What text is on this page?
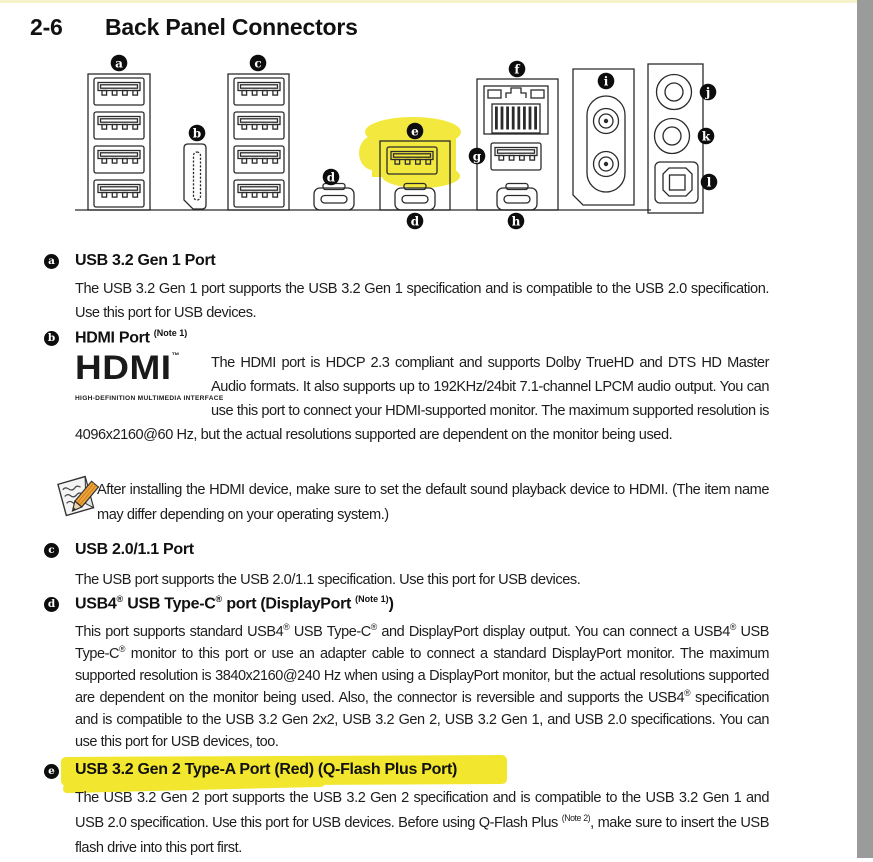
2-6	Back Panel Connectors
a
b
c
d
e
d
f
g
h
i
j
k
l
a USB 3.2 Gen 1 Port
The USB 3.2 Gen 1 port supports the USB 3.2 Gen 1 specification and is compatible to the USB 2.0 specification. Use this port for USB devices.
b HDMI Port $^{(Note 1)}$
HDMI ™
HIGH-DEFINITION MULTIMEDIA INTERFACE
The HDMI port is HDCP 2.3 compliant and supports Dolby TrueHD and DTS HD Master Audio formats. It also supports up to 192KHz/24bit 7.1-channel LPCM audio output. You can use this port to connect your HDMI-supported monitor. The maximum supported resolution is 4096x2160@60 Hz, but the actual resolutions supported are dependent on the monitor being used.
After installing the HDMI device, make sure to set the default sound playback device to HDMI. (The item name may differ depending on your operating system.)
c USB 2.0/1.1 Port
The USB port supports the USB 2.0/1.1 specification. Use this port for USB devices.
d USB4® USB Type-C® port (DisplayPort $^{(Note 1)}$)
This port supports standard USB4® USB Type-C® and DisplayPort display output. You can connect a USB4® USB Type-C® monitor to this port or use an adapter cable to connect a standard DisplayPort monitor. The maximum supported resolution is 3840x2160@240 Hz when using a DisplayPort monitor, but the actual resolutions supported are dependent on the monitor being used. Also, the connector is reversible and supports the USB4® specification and is compatible to the USB 3.2 Gen 2x2, USB 3.2 Gen 2, USB 3.2 Gen 1, and USB 2.0 specifications. You can use this port for USB devices, too.
e USB 3.2 Gen 2 Type-A Port (Red) (Q-Flash Plus Port)
The USB 3.2 Gen 2 port supports the USB 3.2 Gen 2 specification and is compatible to the USB 3.2 Gen 1 and USB 2.0 specification. Use this port for USB devices. Before using Q-Flash Plus $^{(Note 2)}$, make sure to insert the USB flash drive into this port first.
